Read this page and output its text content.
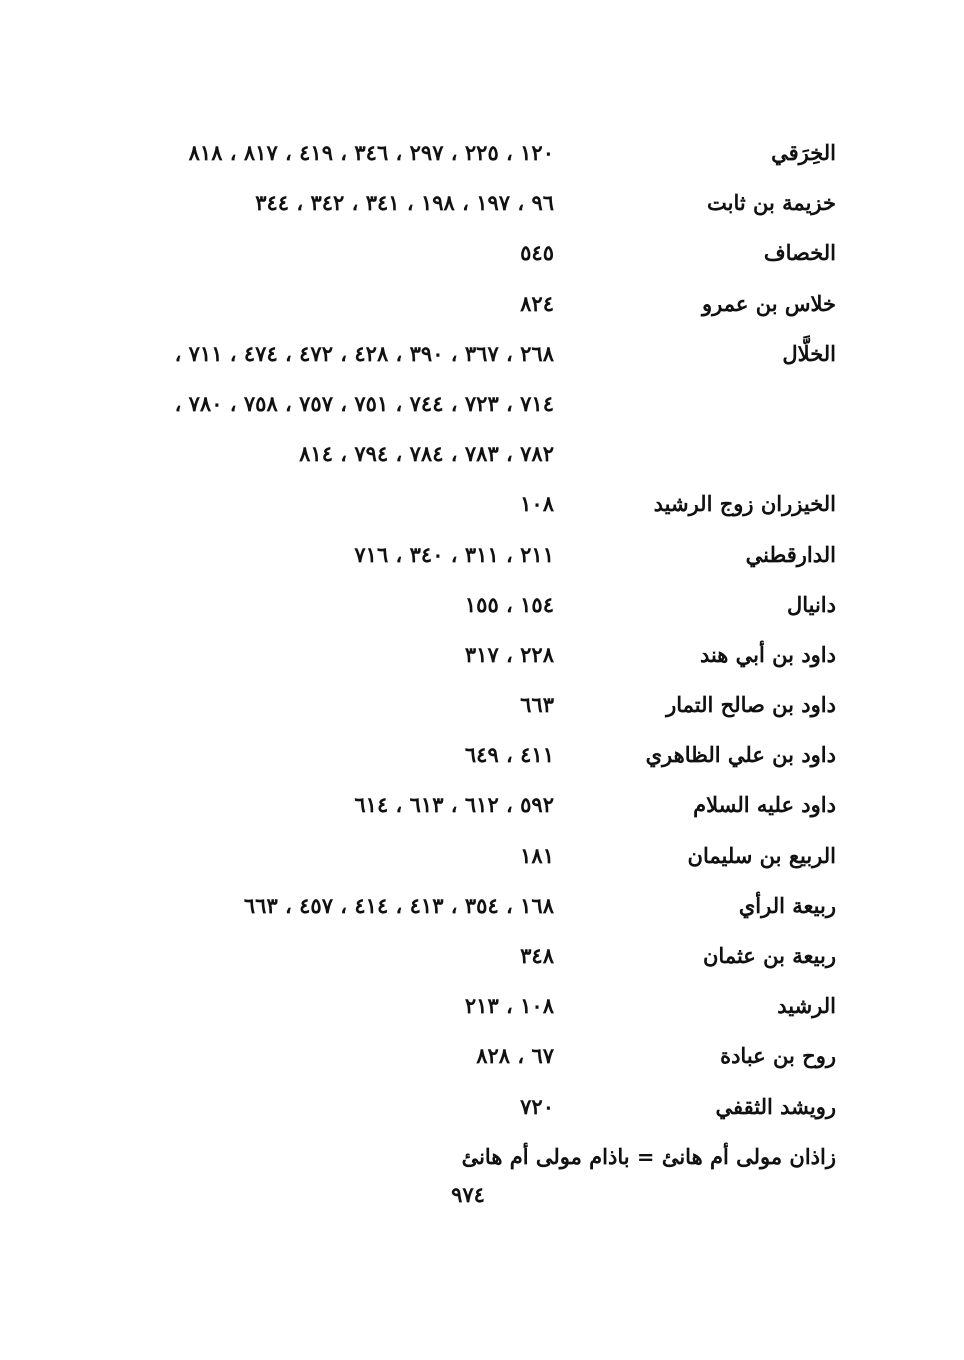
الخِرَقي
١٢٠ ، ٢٢٥ ، ٢٩٧ ، ٣٤٦ ، ٤١٩ ، ٨١٧ ، ٨١٨
خزيمة بن ثابت
٩٦ ، ١٩٧ ، ١٩٨ ، ٣٤١ ، ٣٤٢ ، ٣٤٤
الخصاف
٥٤٥
خلاس بن عمرو
٨٢٤
الخلَّال
٢٦٨ ، ٣٦٧ ، ٣٩٠ ، ٤٢٨ ، ٤٧٢ ، ٤٧٤ ، ٧١١ ،
٧١٤ ، ٧٢٣ ، ٧٤٤ ، ٧٥١ ، ٧٥٧ ، ٧٥٨ ، ٧٨٠ ،
٧٨٢ ، ٧٨٣ ، ٧٨٤ ، ٧٩٤ ، ٨١٤
الخيزران زوج الرشيد
١٠٨
الدارقطني
٢١١ ، ٣١١ ، ٣٤٠ ، ٧١٦
دانيال
١٥٤ ، ١٥٥
داود بن أبي هند
٢٢٨ ، ٣١٧
داود بن صالح التمار
٦٦٣
داود بن علي الظاهري
٤١١ ، ٦٤٩
داود عليه السلام
٥٩٢ ، ٦١٢ ، ٦١٣ ، ٦١٤
الربيع بن سليمان
١٨١
ربيعة الرأي
١٦٨ ، ٣٥٤ ، ٤١٣ ، ٤١٤ ، ٤٥٧ ، ٦٦٣
ربيعة بن عثمان
٣٤٨
الرشيد
١٠٨ ، ٢١٣
روح بن عبادة
٦٧ ، ٨٢٨
رويشد الثقفي
٧٢٠
زاذان مولى أم هانئ = باذام مولى أم هانئ
٩٧٤
